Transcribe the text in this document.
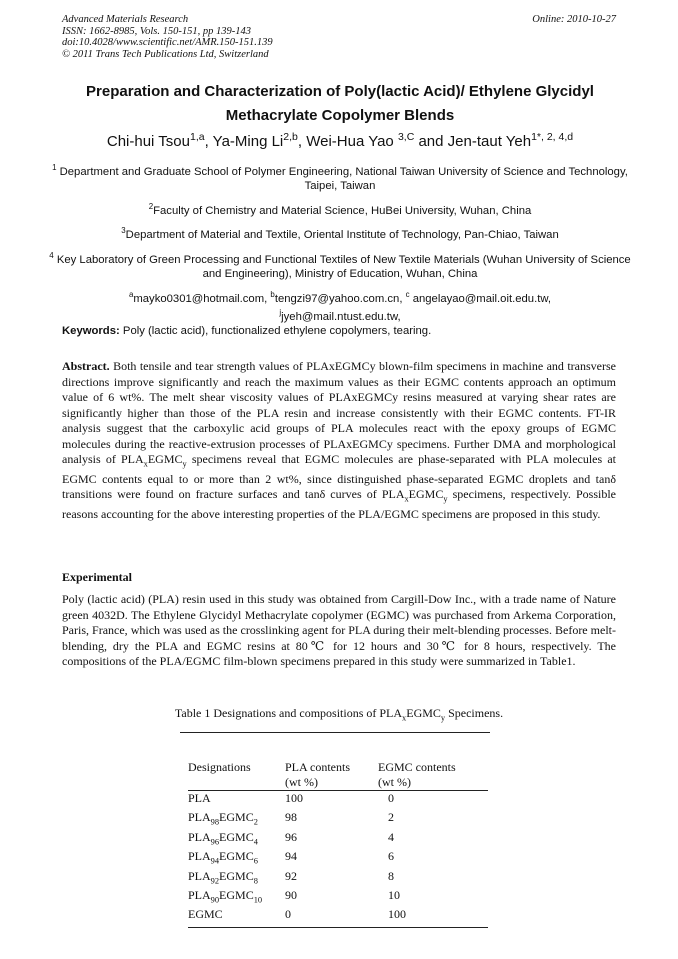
Advanced Materials Research
ISSN: 1662-8985, Vols. 150-151, pp 139-143
doi:10.4028/www.scientific.net/AMR.150-151.139
© 2011 Trans Tech Publications Ltd, Switzerland
Online: 2010-10-27
Preparation and Characterization of Poly(lactic Acid)/ Ethylene Glycidyl
Methacrylate Copolymer Blends
Chi-hui Tsou$^{1,a}$, Ya-Ming Li$^{2,b}$, Wei-Hua Yao $^{3,C}$ and Jen-taut Yeh$^{1*, 2, 4,d}$
$^1$ Department and Graduate School of Polymer Engineering, National Taiwan University of Science and Technology, Taipei, Taiwan
$^2$Faculty of Chemistry and Material Science, HuBei University, Wuhan, China
$^3$Department of Material and Textile, Oriental Institute of Technology, Pan-Chiao, Taiwan
$^4$ Key Laboratory of Green Processing and Functional Textiles of New Textile Materials (Wuhan University of Science and Engineering), Ministry of Education, Wuhan, China
$^a$mayko0301@hotmail.com, $^b$tengzi97@yahoo.com.cn, $^c$ angelayao@mail.oit.edu.tw,
$^j$jyeh@mail.ntust.edu.tw,
Keywords: Poly (lactic acid), functionalized ethylene copolymers, tearing.
Abstract. Both tensile and tear strength values of PLAxEGMCy blown-film specimens in machine and transverse directions improve significantly and reach the maximum values as their EGMC contents approach an optimum value of 6 wt%. The melt shear viscosity values of PLAxEGMCy resins measured at varying shear rates are significantly higher than those of the PLA resin and increase consistently with their EGMC contents. FT-IR analysis suggest that the carboxylic acid groups of PLA molecules react with the epoxy groups of EGMC molecules during the reactive-extrusion processes of PLAxEGMCy specimens. Further DMA and morphological analysis of $PLA_xEGMC_y$ specimens reveal that EGMC molecules are phase-separated with PLA molecules at EGMC contents equal to or more than 2 wt%, since distinguished phase-separated EGMC droplets and tanδ transitions were found on fracture surfaces and tanδ curves of $PLA_xEGMC_y$ specimens, respectively. Possible reasons accounting for the above interesting properties of the PLA/EGMC specimens are proposed in this study.
Experimental
Poly (lactic acid) (PLA) resin used in this study was obtained from Cargill-Dow Inc., with a trade name of Nature green 4032D. The Ethylene Glycidyl Methacrylate copolymer (EGMC) was purchased from Arkema Corporation, Paris, France, which was used as the crosslinking agent for PLA during their melt-blending processes. Before melt-blending, dry the PLA and EGMC resins at 80℃ for 12 hours and 30℃ for 8 hours, respectively. The compositions of the PLA/EGMC film-blown specimens prepared in this study were summarized in Table1.
Table 1 Designations and compositions of $PLA_xEGMC_y$ Specimens.
Designations	PLA contents	EGMC contents
	(wt %)	(wt %)
PLA	100	0
$PLA_{98}EGMC_2$	98	2
$PLA_{96}EGMC_4$	96	4
$PLA_{94}EGMC_6$	94	6
$PLA_{92}EGMC_8$	92	8
$PLA_{90}EGMC_{10}$	90	10
EGMC	0	100
